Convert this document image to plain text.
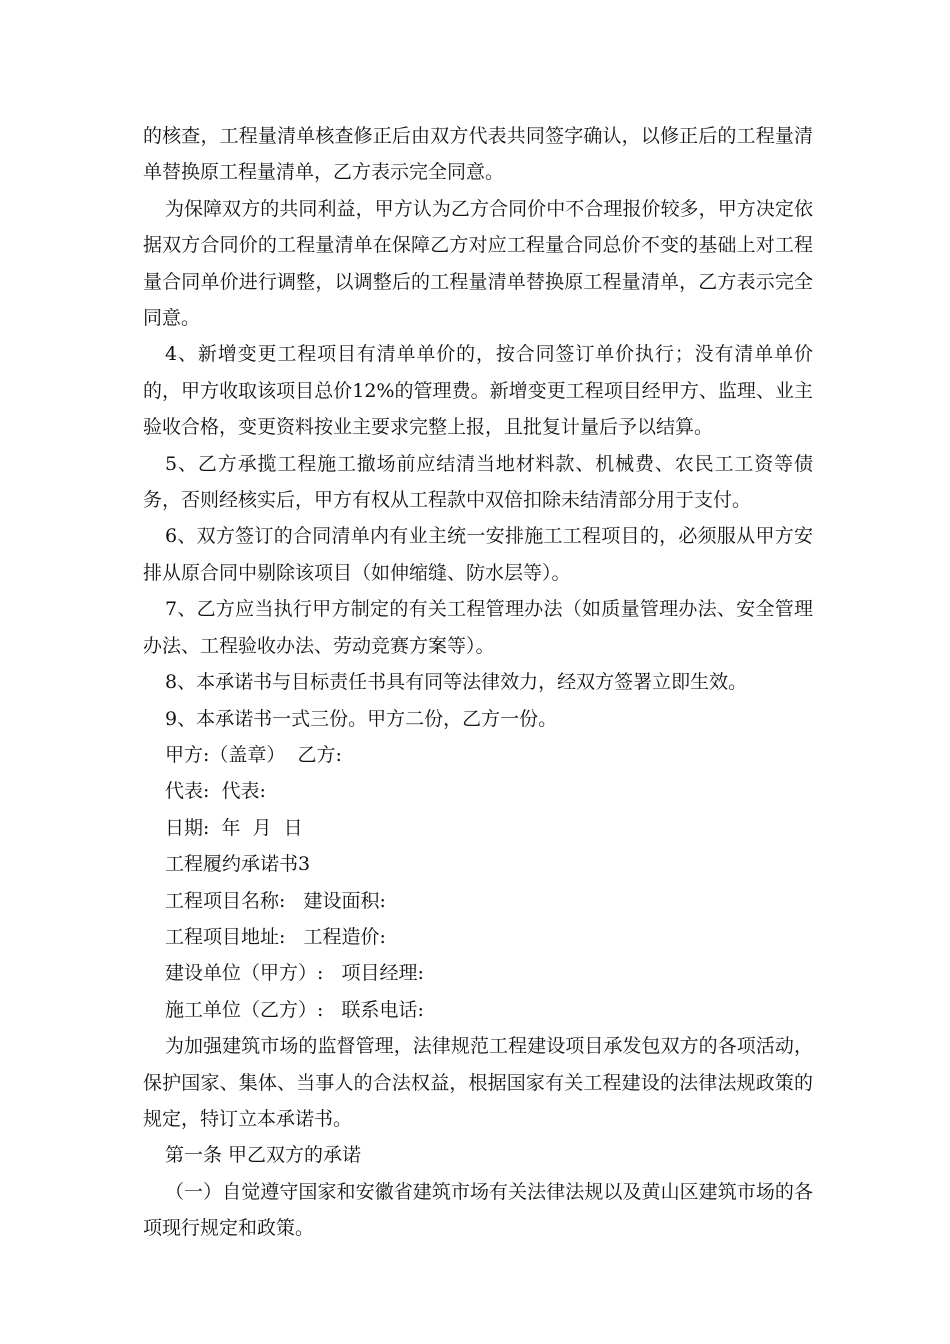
的核查，工程量清单核查修正后由双方代表共同签字确认，以修正后的工程量清单替换原工程量清单，乙方表示完全同意。

为保障双方的共同利益，甲方认为乙方合同价中不合理报价较多，甲方决定依据双方合同价的工程量清单在保障乙方对应工程量合同总价不变的基础上对工程量合同单价进行调整，以调整后的工程量清单替换原工程量清单，乙方表示完全同意。

4、新增变更工程项目有清单单价的，按合同签订单价执行；没有清单单价的，甲方收取该项目总价12%的管理费。新增变更工程项目经甲方、监理、业主验收合格，变更资料按业主要求完整上报，且批复计量后予以结算。

5、乙方承揽工程施工撤场前应结清当地材料款、机械费、农民工工资等债务，否则经核实后，甲方有权从工程款中双倍扣除未结清部分用于支付。

6、双方签订的合同清单内有业主统一安排施工工程项目的，必须服从甲方安排从原合同中剔除该项目（如伸缩缝、防水层等）。

7、乙方应当执行甲方制定的有关工程管理办法（如质量管理办法、安全管理办法、工程验收办法、劳动竞赛方案等）。

8、本承诺书与目标责任书具有同等法律效力，经双方签署立即生效。

9、本承诺书一式三份。甲方二份，乙方一份。

甲方:（盖章）  乙方:

代表:  代表:

日期:  年  月  日

工程履约承诺书3

工程项目名称:   建设面积:

工程项目地址:   工程造价:

建设单位（甲方）:   项目经理:

施工单位（乙方）:   联系电话:

为加强建筑市场的监督管理，法律规范工程建设项目承发包双方的各项活动，保护国家、集体、当事人的合法权益，根据国家有关工程建设的法律法规政策的规定，特订立本承诺书。

第一条 甲乙双方的承诺

（一）自觉遵守国家和安徽省建筑市场有关法律法规以及黄山区建筑市场的各项现行规定和政策。
